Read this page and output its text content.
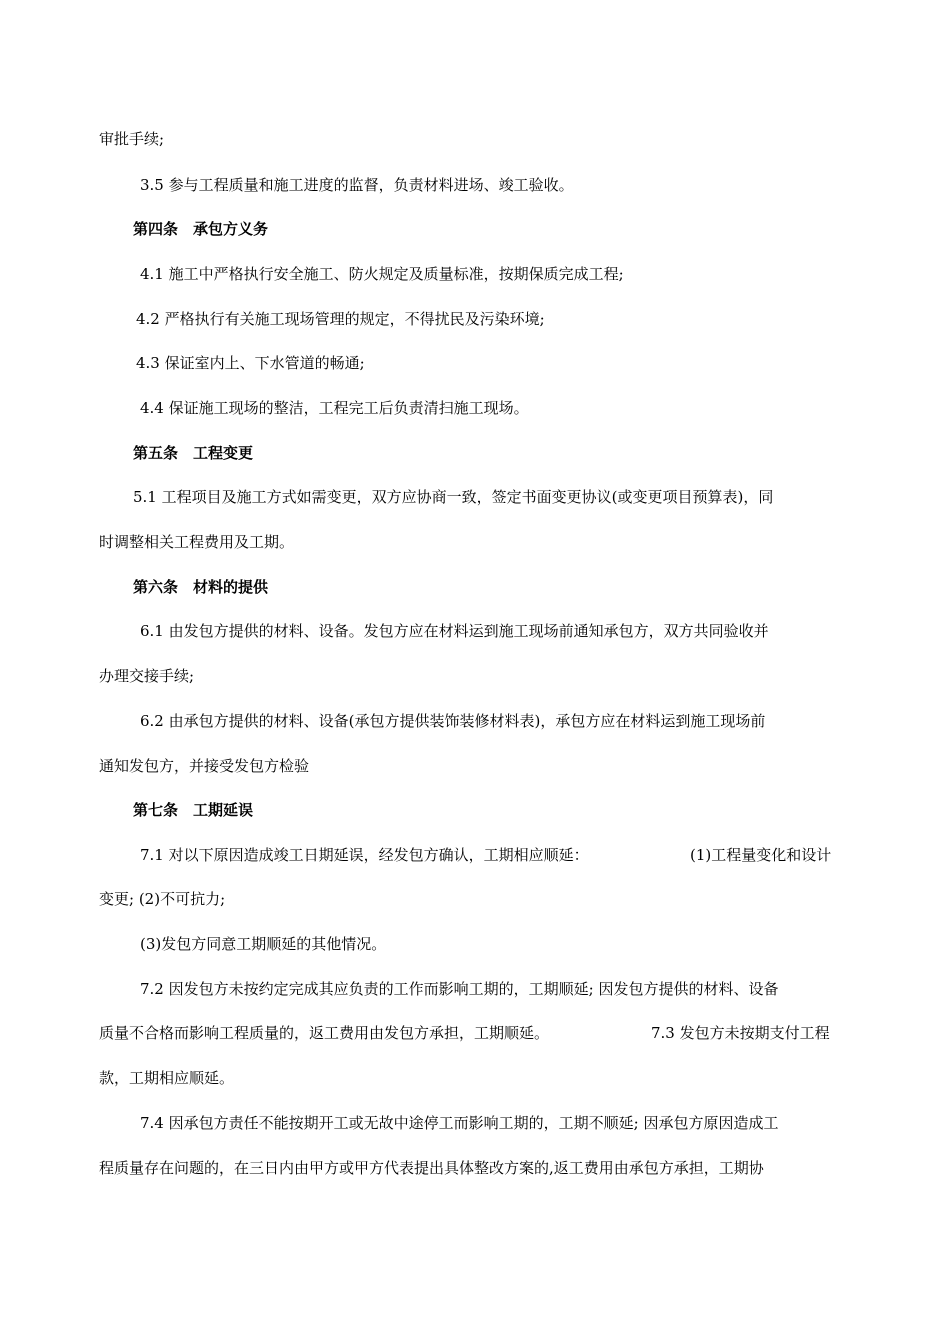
审批手续;

3.5 参与工程质量和施工进度的监督，负责材料进场、竣工验收。

第四条　承包方义务

4.1 施工中严格执行安全施工、防火规定及质量标准，按期保质完成工程;

4.2 严格执行有关施工现场管理的规定，不得扰民及污染环境;

4.3 保证室内上、下水管道的畅通;

4.4 保证施工现场的整洁，工程完工后负责清扫施工现场。

第五条　工程变更

5.1 工程项目及施工方式如需变更，双方应协商一致，签定书面变更协议(或变更项目预算表)，同

时调整相关工程费用及工期。

第六条　材料的提供

6.1 由发包方提供的材料、设备。发包方应在材料运到施工现场前通知承包方，双方共同验收并

办理交接手续;

6.2 由承包方提供的材料、设备(承包方提供装饰装修材料表)，承包方应在材料运到施工现场前

通知发包方，并接受发包方检验

第七条　工期延误

7.1 对以下原因造成竣工日期延误，经发包方确认，工期相应顺延：	(1)工程量变化和设计

变更; (2)不可抗力;

(3)发包方同意工期顺延的其他情况。

7.2 因发包方未按约定完成其应负责的工作而影响工期的，工期顺延; 因发包方提供的材料、设备

质量不合格而影响工程质量的，返工费用由发包方承担，工期顺延。	7.3 发包方未按期支付工程

款，工期相应顺延。

7.4 因承包方责任不能按期开工或无故中途停工而影响工期的，工期不顺延; 因承包方原因造成工

程质量存在问题的，在三日内由甲方或甲方代表提出具体整改方案的,返工费用由承包方承担，工期协
